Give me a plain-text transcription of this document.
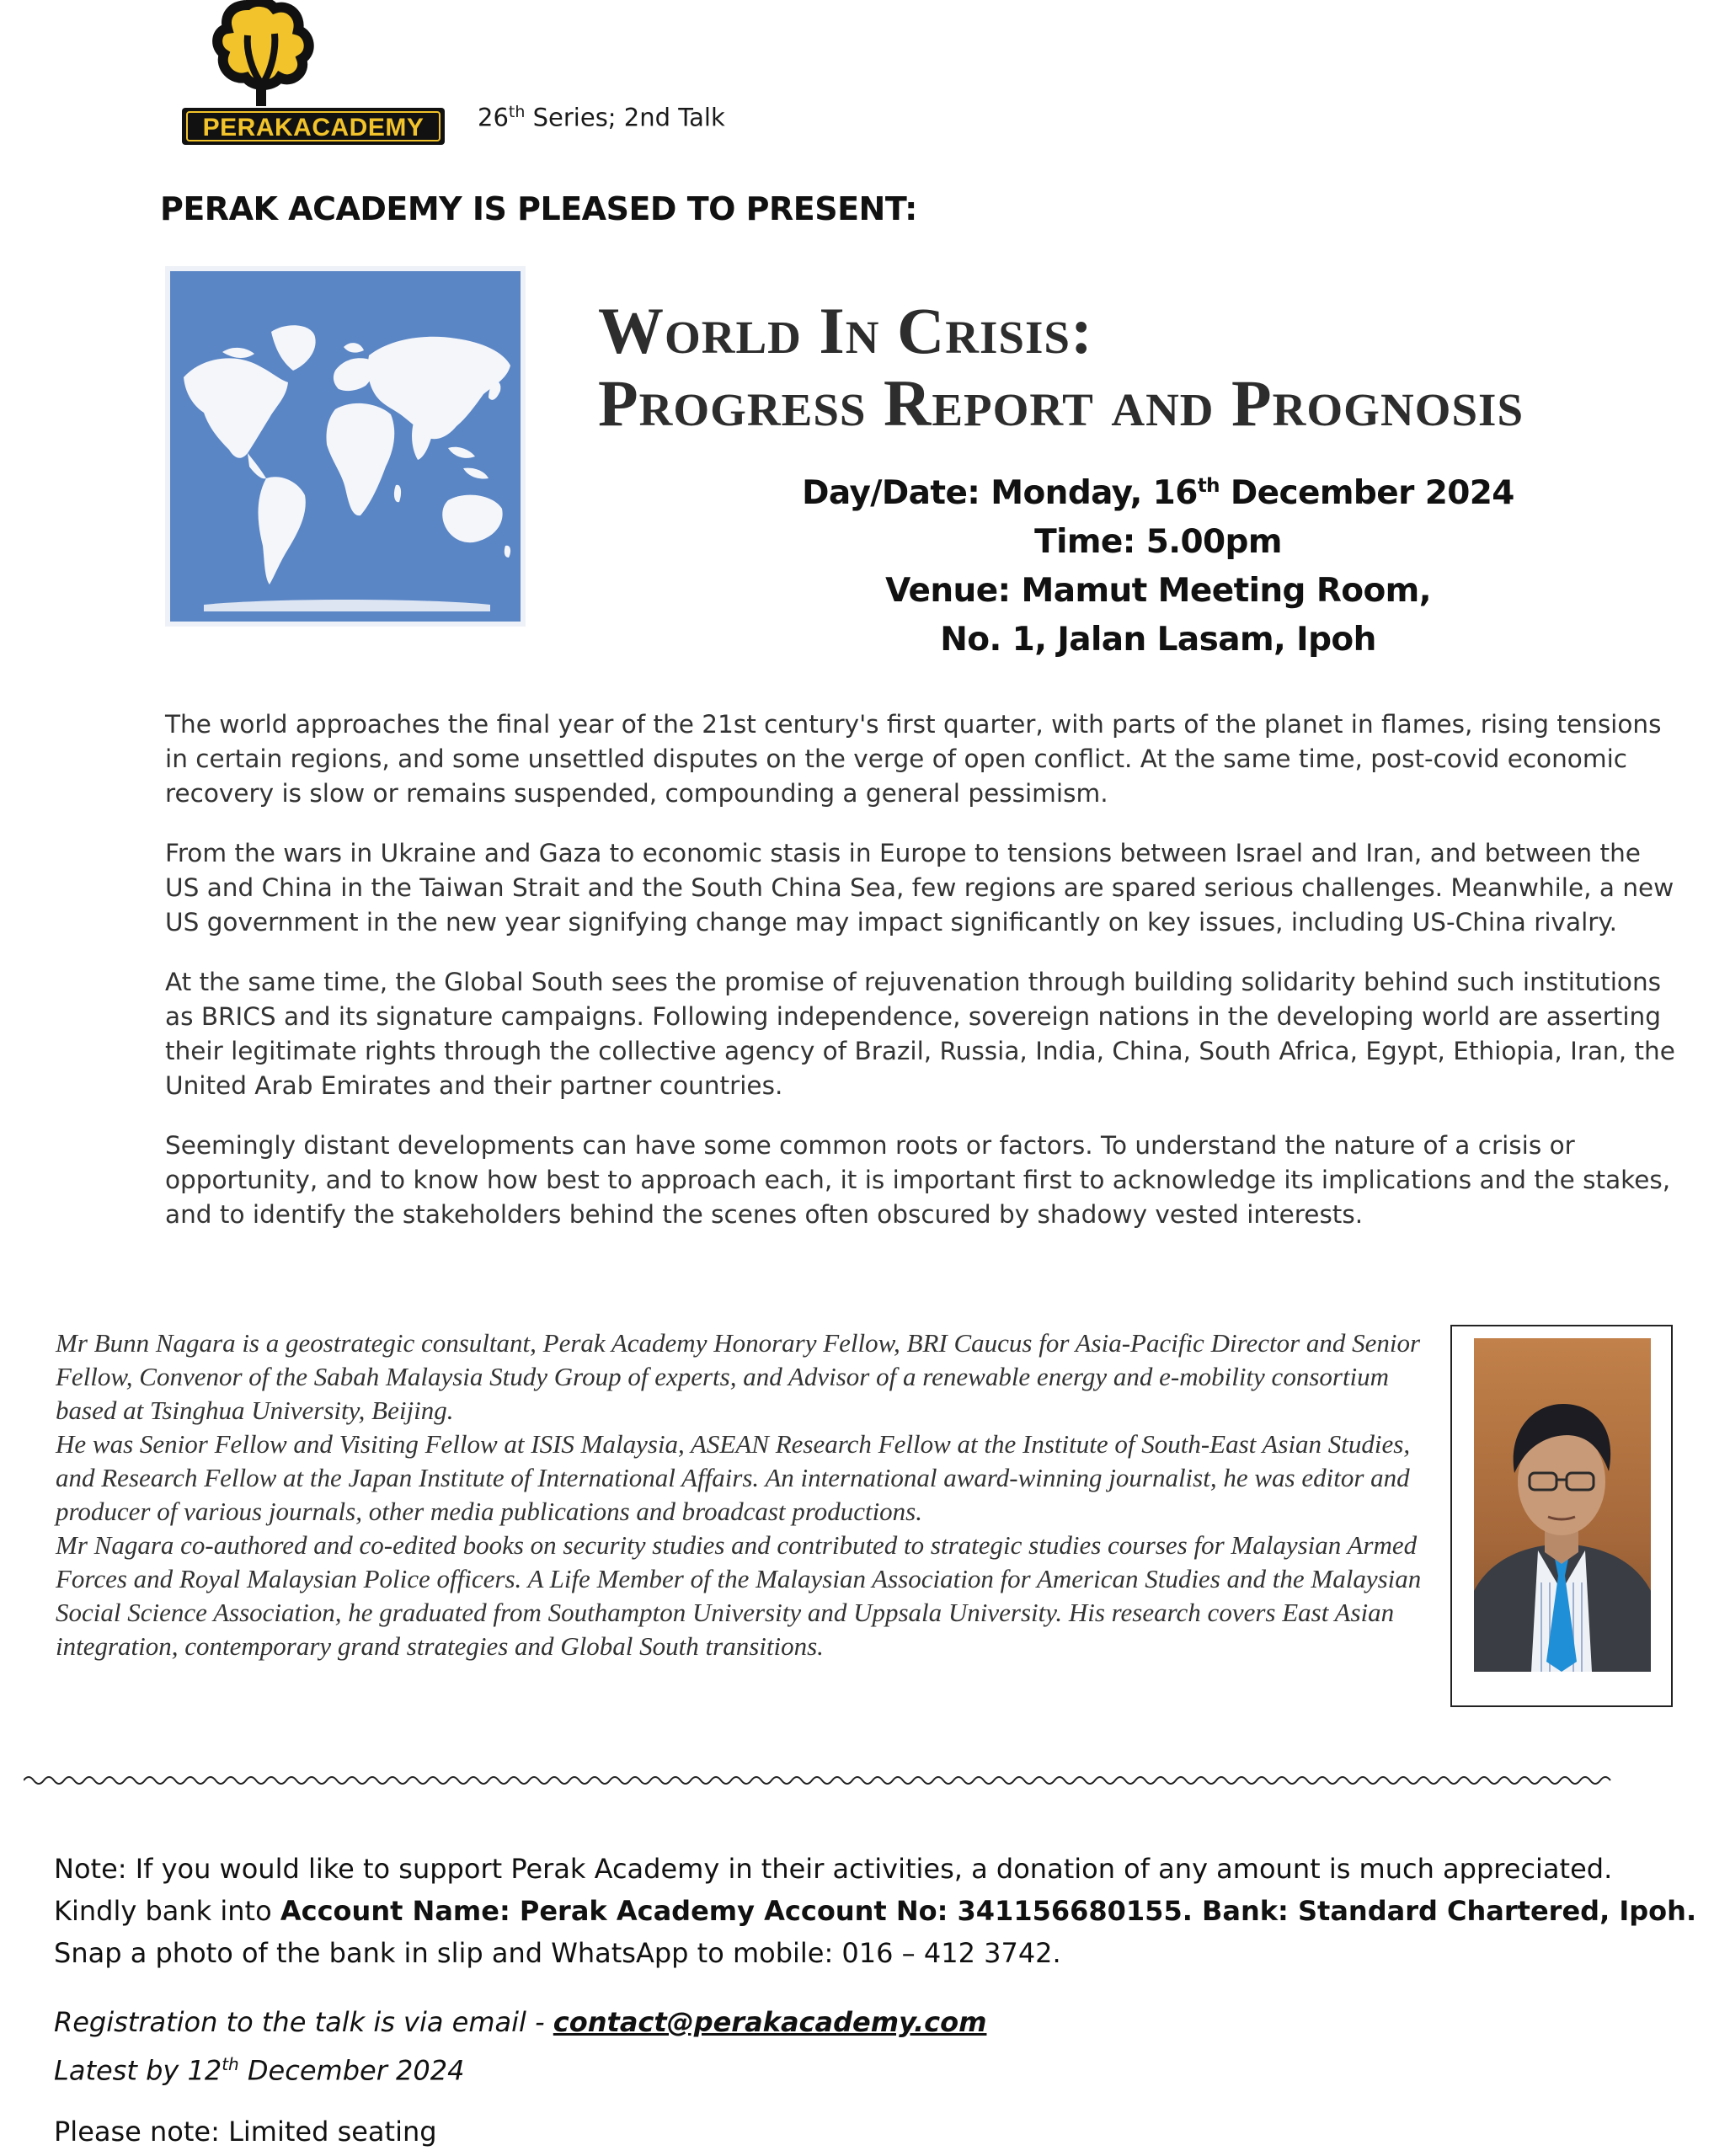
PERAKACADEMY 26th Series; 2nd Talk
PERAK ACADEMY IS PLEASED TO PRESENT:
World In Crisis:
Progress Report and Prognosis
Day/Date: Monday, 16th December 2024
Time: 5.00pm
Venue: Mamut Meeting Room,
No. 1, Jalan Lasam, Ipoh

The world approaches the final year of the 21st century's first quarter, with parts of the planet in flames, rising tensions in certain regions, and some unsettled disputes on the verge of open conflict. At the same time, post-covid economic recovery is slow or remains suspended, compounding a general pessimism.

From the wars in Ukraine and Gaza to economic stasis in Europe to tensions between Israel and Iran, and between the US and China in the Taiwan Strait and the South China Sea, few regions are spared serious challenges. Meanwhile, a new US government in the new year signifying change may impact significantly on key issues, including US-China rivalry.

At the same time, the Global South sees the promise of rejuvenation through building solidarity behind such institutions as BRICS and its signature campaigns. Following independence, sovereign nations in the developing world are asserting their legitimate rights through the collective agency of Brazil, Russia, India, China, South Africa, Egypt, Ethiopia, Iran, the United Arab Emirates and their partner countries.

Seemingly distant developments can have some common roots or factors. To understand the nature of a crisis or opportunity, and to know how best to approach each, it is important first to acknowledge its implications and the stakes, and to identify the stakeholders behind the scenes often obscured by shadowy vested interests.

Mr Bunn Nagara is a geostrategic consultant, Perak Academy Honorary Fellow, BRI Caucus for Asia-Pacific Director and Senior Fellow, Convenor of the Sabah Malaysia Study Group of experts, and Advisor of a renewable energy and e-mobility consortium based at Tsinghua University, Beijing.

He was Senior Fellow and Visiting Fellow at ISIS Malaysia, ASEAN Research Fellow at the Institute of South-East Asian Studies, and Research Fellow at the Japan Institute of International Affairs. An international award-winning journalist, he was editor and producer of various journals, other media publications and broadcast productions.

Mr Nagara co-authored and co-edited books on security studies and contributed to strategic studies courses for Malaysian Armed Forces and Royal Malaysian Police officers. A Life Member of the Malaysian Association for American Studies and the Malaysian Social Science Association, he graduated from Southampton University and Uppsala University. His research covers East Asian integration, contemporary grand strategies and Global South transitions.

~~~~~~~~~~~~~~~~~~~~~~~~~~~~~~~~~~~~~~~~~~~~~~~~~~~~~~~~~~~~~~~~~~~~~~~~~~~~~~~~~~~~~~~~~~~~~~~~~~~~~~~~~~~~~~~~~~
Note: If you would like to support Perak Academy in their activities, a donation of any amount is much appreciated.
Kindly bank into Account Name: Perak Academy Account No: 341156680155. Bank: Standard Chartered, Ipoh.
Snap a photo of the bank in slip and WhatsApp to mobile: 016 – 412 3742.
Registration to the talk is via email - contact@perakacademy.com
Latest by 12th December 2024
Please note: Limited seating
